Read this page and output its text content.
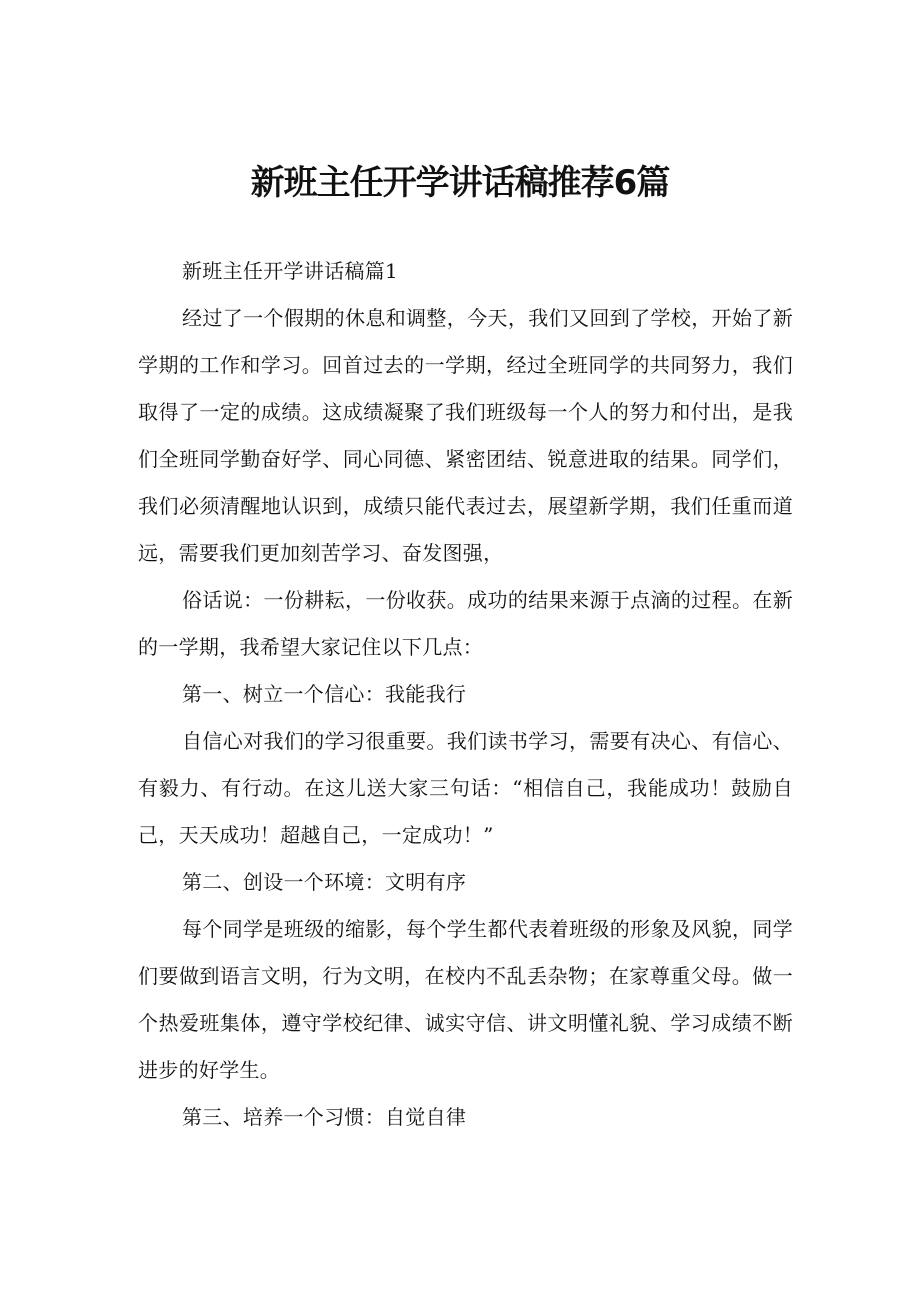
新班主任开学讲话稿推荐6篇

新班主任开学讲话稿篇1

经过了一个假期的休息和调整，今天，我们又回到了学校，开始了新学期的工作和学习。回首过去的一学期，经过全班同学的共同努力，我们取得了一定的成绩。这成绩凝聚了我们班级每一个人的努力和付出，是我们全班同学勤奋好学、同心同德、紧密团结、锐意进取的结果。同学们，我们必须清醒地认识到，成绩只能代表过去，展望新学期，我们任重而道远，需要我们更加刻苦学习、奋发图强，

俗话说：一份耕耘，一份收获。成功的结果来源于点滴的过程。在新的一学期，我希望大家记住以下几点：

第一、树立一个信心：我能我行

自信心对我们的学习很重要。我们读书学习，需要有决心、有信心、有毅力、有行动。在这儿送大家三句话：“相信自己，我能成功！鼓励自己，天天成功！超越自己，一定成功！”

第二、创设一个环境：文明有序

每个同学是班级的缩影，每个学生都代表着班级的形象及风貌，同学们要做到语言文明，行为文明，在校内不乱丢杂物；在家尊重父母。做一个热爱班集体，遵守学校纪律、诚实守信、讲文明懂礼貌、学习成绩不断进步的好学生。

第三、培养一个习惯：自觉自律
